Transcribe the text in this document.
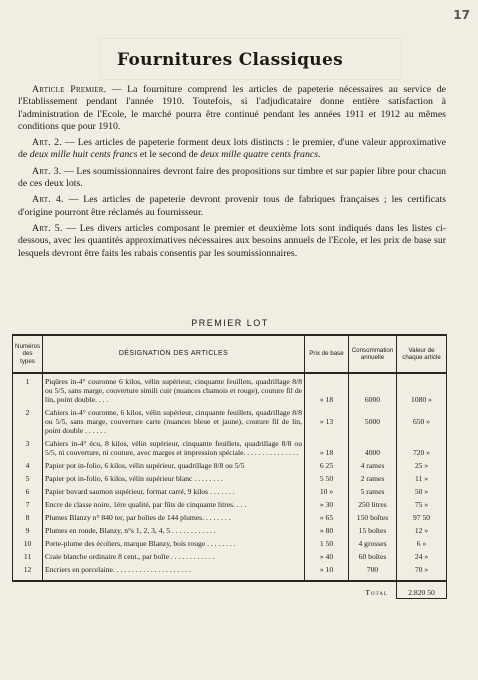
17
Fournitures Classiques

Article Premier. — La fourniture comprend les articles de papeterie nécessaires au service de l'Etablissement pendant l'année 1910. Toutefois, si l'adjudicataire donne entière satisfaction à l'administration de l'Ecole, le marché pourra être continué pendant les années 1911 et 1912 au mêmes conditions que pour 1910.

Art. 2. — Les articles de papeterie forment deux lots distincts : le premier, d'une valeur approximative de deux mille huit cents francs et le second de deux mille quatre cents francs.

Art. 3. — Les soumissionnaires devront faire des propositions sur timbre et sur papier libre pour chacun de ces deux lots.

Art. 4. — Les articles de papeterie devront provenir tous de fabriques françaises ; les certificats d'origine pourront être réclamés au fournisseur.

Art. 5. — Les divers articles composant le premier et deuxième lots sont indiqués dans les listes ci-dessous, avec les quantités approximatives nécessaires aux besoins annuels de l'Ecole, et les prix de base sur lesquels devront être faits les rabais consentis par les soumissionnaires.

PREMIER LOT
Numéros des types	DÉSIGNATION DES ARTICLES	Prix de base	Consommation annuelle	Valeur de chaque article
1	Piqûres in-4° couronne 6 kilos, vélin supérieur, cinquante feuillets, quadrillage 8/8 ou 5/5, sans marge, couverture simili cuir (nuances chamois et rouge), couture fil de lin, point double. . . .	» 18	6000	1080 »
2	Cahiers in-4° couronne, 6 kilos, vélin supérieur, cinquante feuillets, quadrillage 8/8 ou 5/5, sans marge, couverture carte (nuances bleue et jaune), couture fil de lin, point double . . . . . .	» 13	5000	650 »
3	Cahiers in-4° écu, 8 kilos, vélin supérieur, cinquante feuillets, quadrillage 8/8 ou 5/5, ni couverture, ni couture, avec marges et impression spéciale. . . . . . . . . . . . . . .	» 18	4000	720 »
4	Papier pot in-folio, 6 kilos, vélin supérieur, quadrillage 8/8 ou 5/5	6 25	4 rames	25 »
5	Papier pot in-folio, 6 kilos, vélin supérieur blanc . . . . . . . .	5 50	2 rames	11 »
6	Papier buvard saumon supérieur, format carré, 9 kilos . . . . . . .	10 »	5 rames	50 »
7	Encre de classe noire, 1ère qualité, par fûts de cinquante litres. . . .	» 30	250 litres	75 »
8	Plumes Blanzy n° 840 ter, par boîtes de 144 plumes. . . . . . . .	» 65	150 boîtes	97 50
9	Plumes en ronde, Blanzy, n°s 1, 2, 3, 4, 5 . . . . . . . . . . . .	» 80	15 boîtes	12 »
10	Porte-plume des écoliers, marque Blanzy, bois rouge . . . . . . . .	1 50	4 grosses	6 »
11	Craie blanche ordinaire 8 cent., par boîte . . . . . . . . . . . .	» 40	60 boîtes	24 »
12	Encriers en porcelaine. . . . . . . . . . . . . . . . . . . . .	» 10	700	70 »
	Total			2.820 50
